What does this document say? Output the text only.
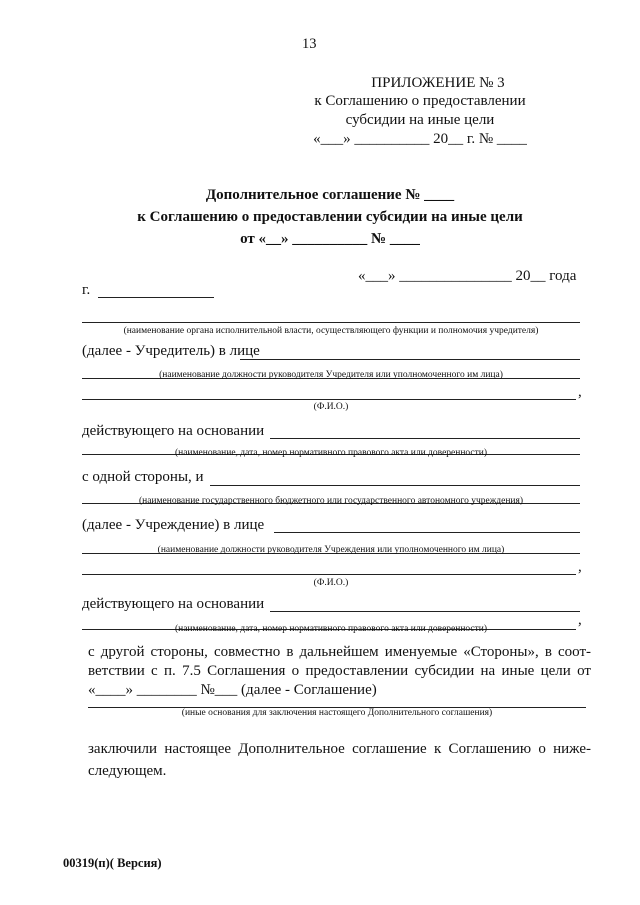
13
ПРИЛОЖЕНИЕ № 3
к Соглашению о предоставлении
субсидии на иные цели
«___» __________ 20__ г. № ____
Дополнительное соглашение № ____
к Соглашению о предоставлении субсидии на иные цели
от «__» __________ № ____
г.
«___» _______________ 20__ года
(наименование органа исполнительной власти, осуществляющего функции и полномочия учредителя)
(далее - Учредитель) в лице
(наименование должности руководителя Учредителя или уполномоченного им лица)
,
(Ф.И.О.)
действующего на основании
(наименование, дата, номер нормативного правового акта или доверенности)
с одной стороны, и
(наименование государственного бюджетного или государственного автономного учреждения)
(далее - Учреждение) в лице
(наименование должности руководителя Учреждения или уполномоченного им лица)
,
(Ф.И.О.)
действующего на основании
,
(наименование, дата, номер нормативного правового акта или доверенности)
с другой стороны, совместно в дальнейшем именуемые «Стороны», в соот-
ветствии с п. 7.5 Соглашения о предоставлении субсидии на иные цели от
«____» ________ №___ (далее - Соглашение)
(иные основания для заключения настоящего Дополнительного соглашения)
заключили настоящее Дополнительное соглашение к Соглашению о ниже-
следующем.
00319(п)( Версия)
